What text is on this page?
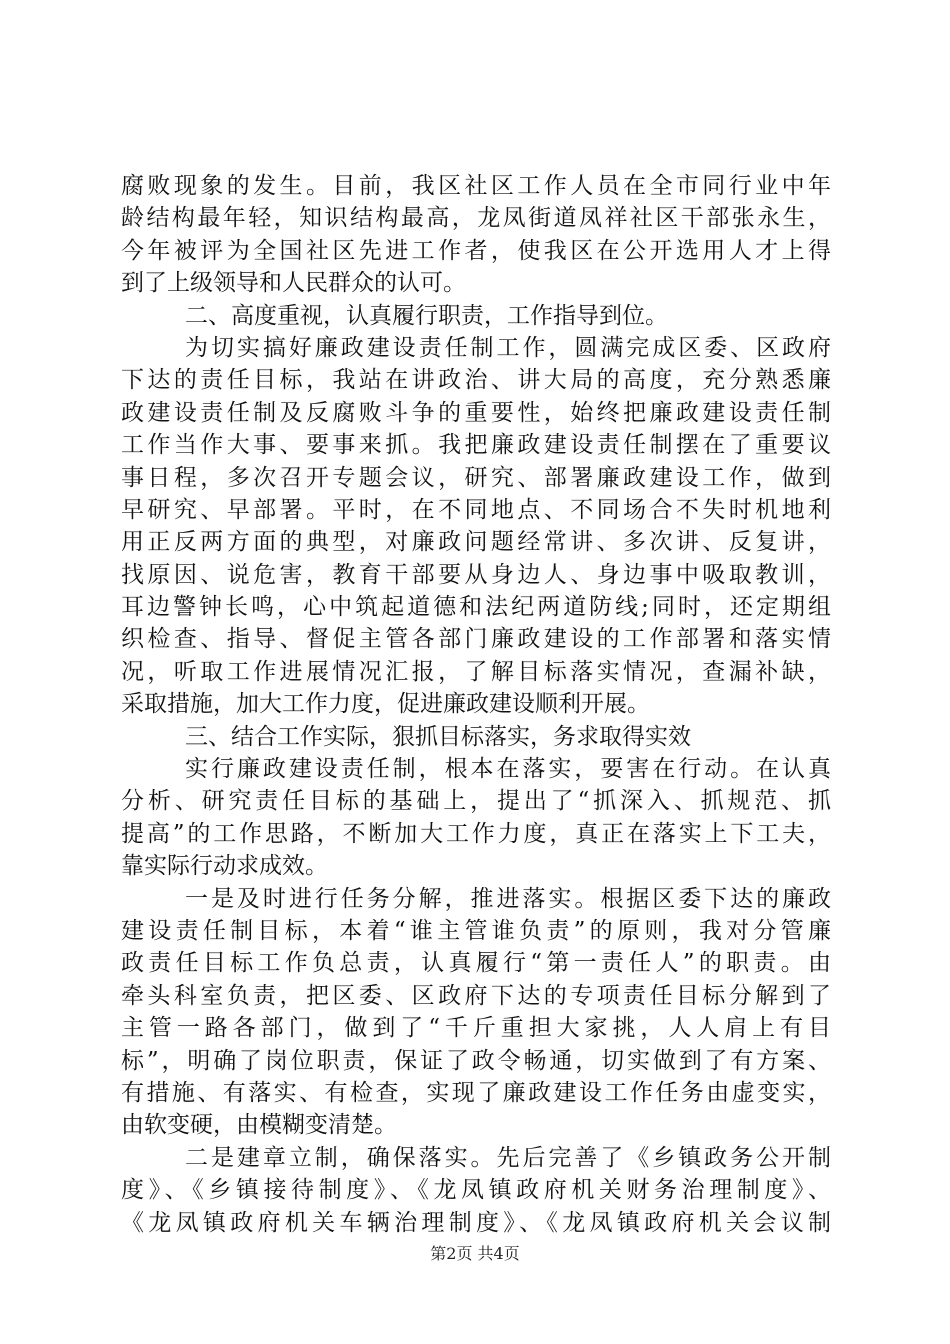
腐败现象的发生。目前，我区社区工作人员在全市同行业中年
龄结构最年轻，知识结构最高，龙凤街道凤祥社区干部张永生，
今年被评为全国社区先进工作者，使我区在公开选用人才上得
到了上级领导和人民群众的认可。
二、高度重视，认真履行职责，工作指导到位。
为切实搞好廉政建设责任制工作，圆满完成区委、区政府
下达的责任目标，我站在讲政治、讲大局的高度，充分熟悉廉
政建设责任制及反腐败斗争的重要性，始终把廉政建设责任制
工作当作大事、要事来抓。我把廉政建设责任制摆在了重要议
事日程，多次召开专题会议，研究、部署廉政建设工作，做到
早研究、早部署。平时，在不同地点、不同场合不失时机地利
用正反两方面的典型，对廉政问题经常讲、多次讲、反复讲，
找原因、说危害，教育干部要从身边人、身边事中吸取教训，
耳边警钟长鸣，心中筑起道德和法纪两道防线;同时，还定期组
织检查、指导、督促主管各部门廉政建设的工作部署和落实情
况，听取工作进展情况汇报，了解目标落实情况，查漏补缺，
采取措施，加大工作力度，促进廉政建设顺利开展。
三、结合工作实际，狠抓目标落实，务求取得实效
实行廉政建设责任制，根本在落实，要害在行动。在认真
分析、研究责任目标的基础上，提出了“抓深入、抓规范、抓
提高”的工作思路，不断加大工作力度，真正在落实上下工夫，
靠实际行动求成效。
一是及时进行任务分解，推进落实。根据区委下达的廉政
建设责任制目标，本着“谁主管谁负责”的原则，我对分管廉
政责任目标工作负总责，认真履行“第一责任人”的职责。由
牵头科室负责，把区委、区政府下达的专项责任目标分解到了
主管一路各部门，做到了“千斤重担大家挑，人人肩上有目
标”，明确了岗位职责，保证了政令畅通，切实做到了有方案、
有措施、有落实、有检查，实现了廉政建设工作任务由虚变实，
由软变硬，由模糊变清楚。
二是建章立制，确保落实。先后完善了《乡镇政务公开制
度》、《乡镇接待制度》、《龙凤镇政府机关财务治理制度》、
《龙凤镇政府机关车辆治理制度》、《龙凤镇政府机关会议制
第2页 共4页
